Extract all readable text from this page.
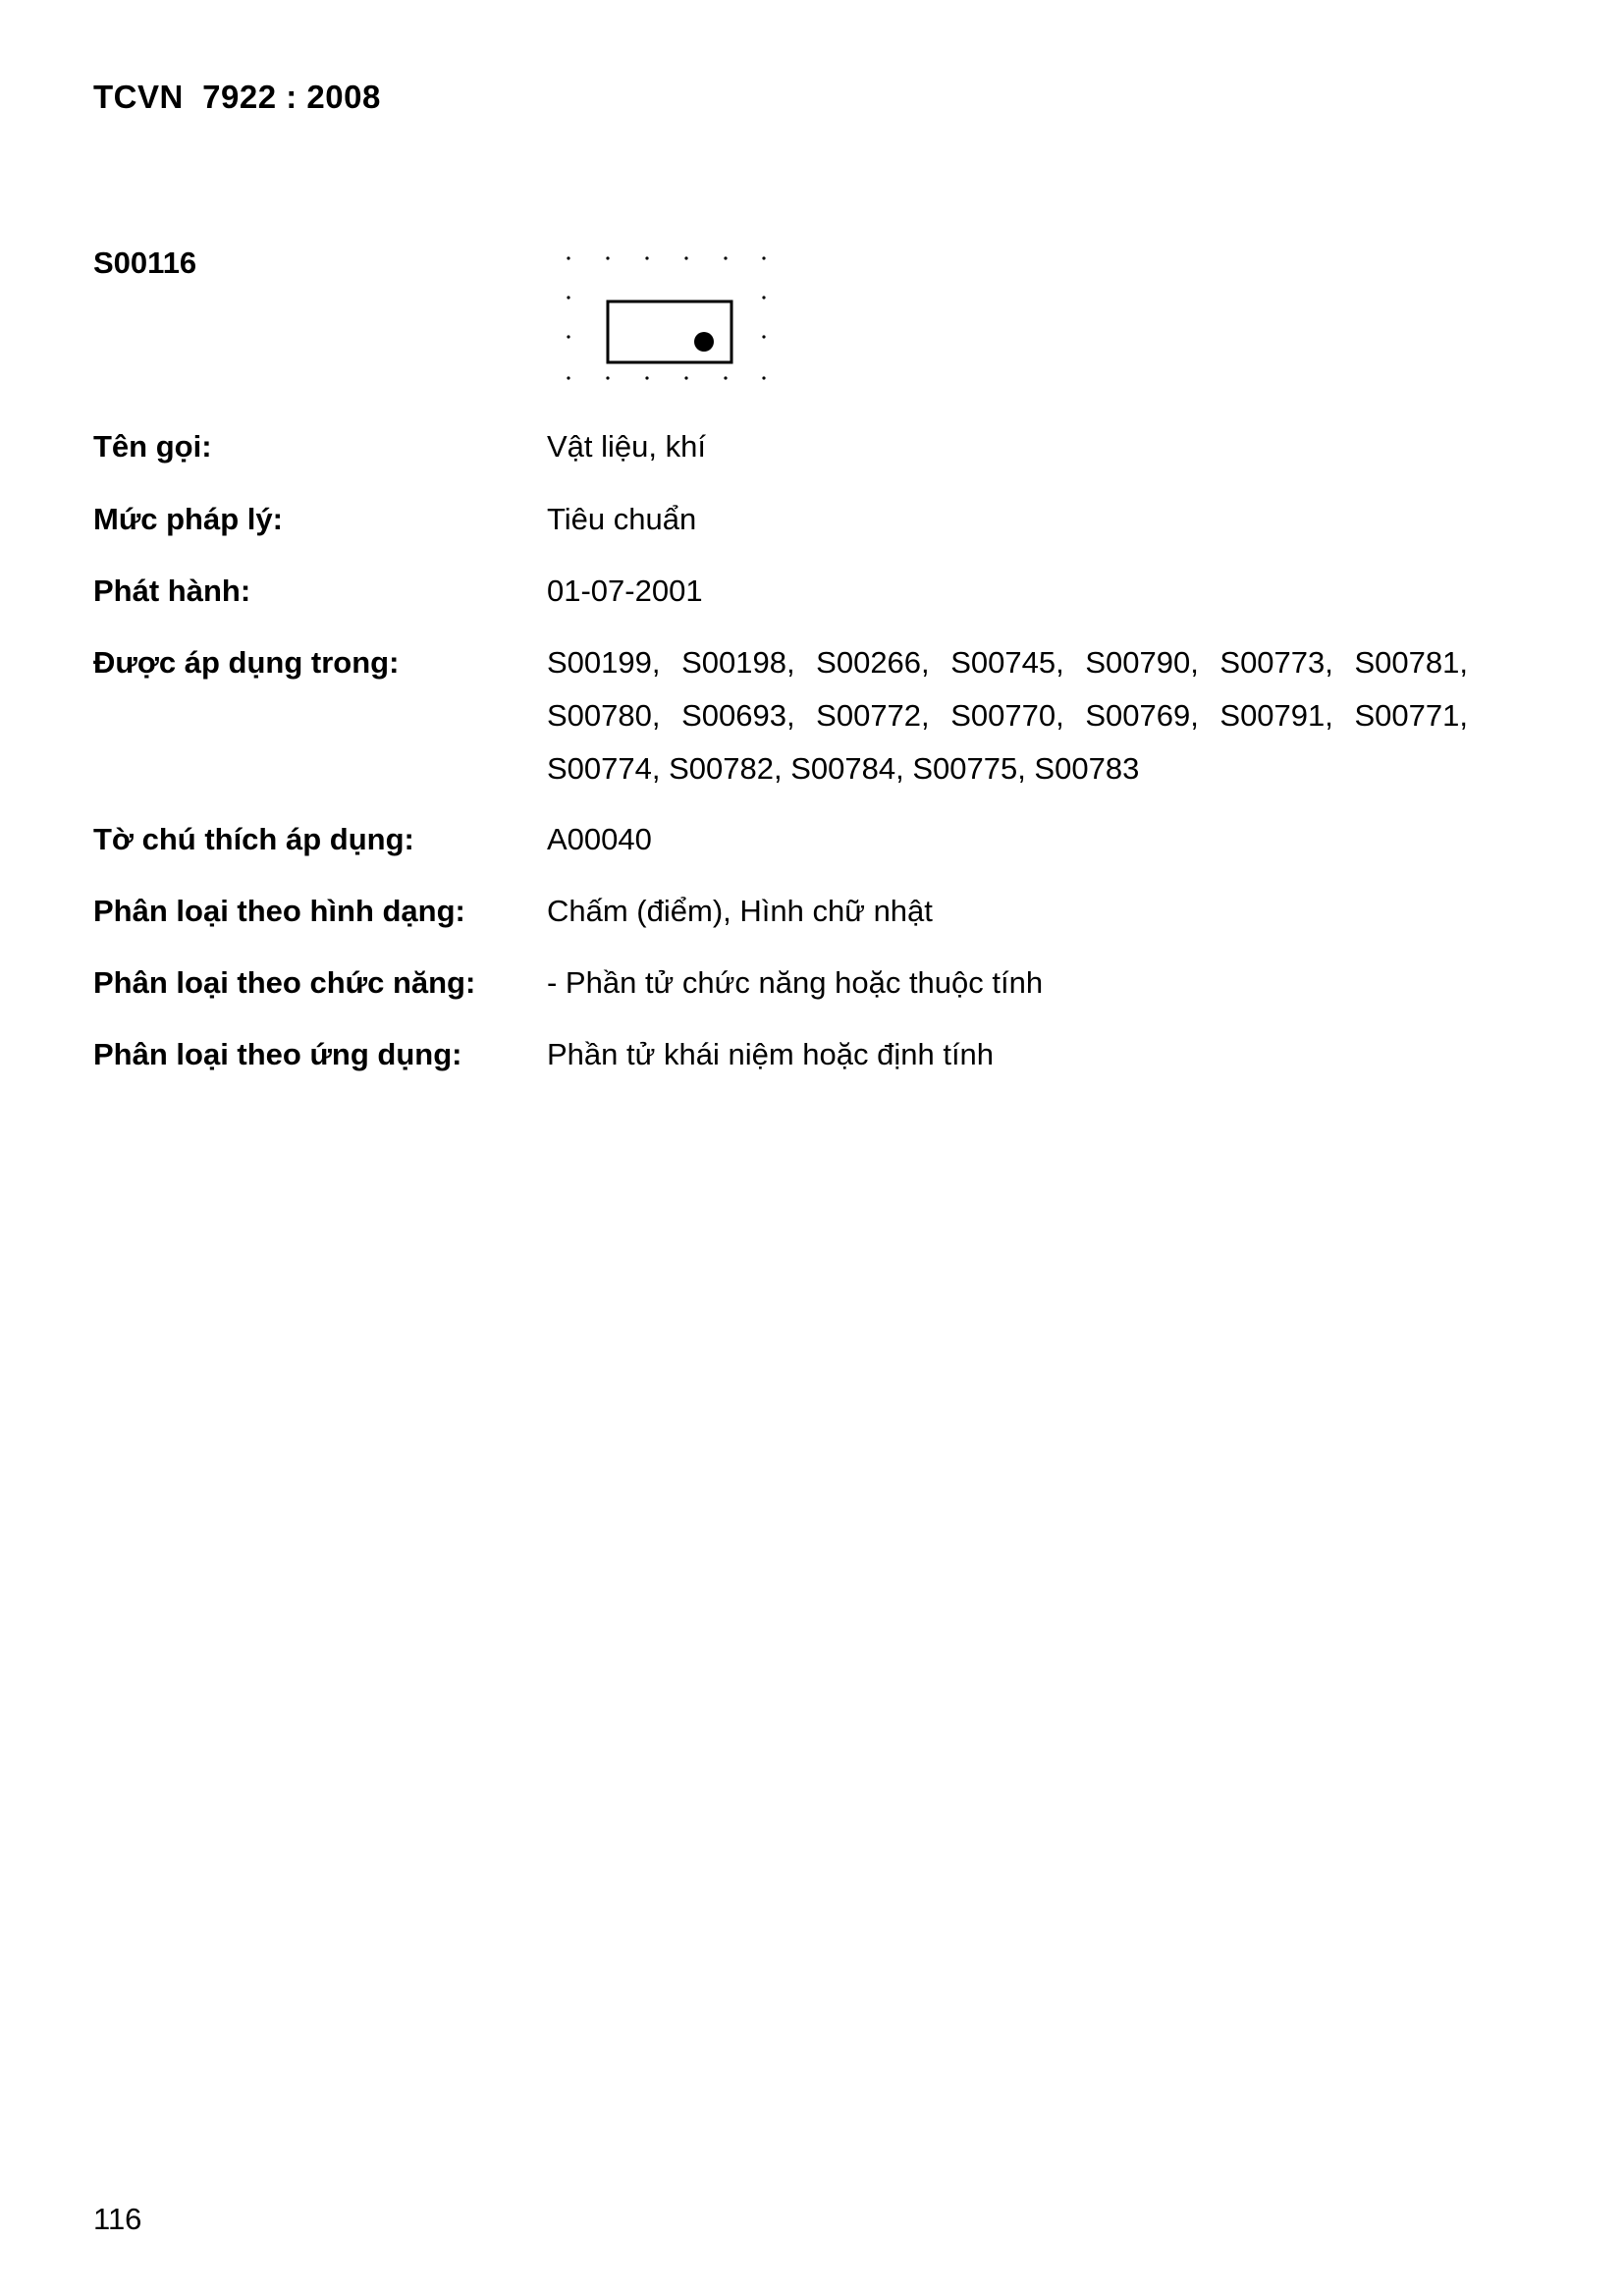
TCVN  7922 : 2008
S00116
Tên gọi:	Vật liệu, khí
Mức pháp lý:	Tiêu chuẩn
Phát hành:	01-07-2001
Được áp dụng trong:	S00199, S00198, S00266, S00745, S00790, S00773, S00781,
S00780, S00693, S00772, S00770, S00769, S00791, S00771,
S00774, S00782, S00784, S00775, S00783
Tờ chú thích áp dụng:	A00040
Phân loại theo hình dạng:	Chấm (điểm), Hình chữ nhật
Phân loại theo chức năng:	- Phần tử chức năng hoặc thuộc tính
Phân loại theo ứng dụng:	Phần tử khái niệm hoặc định tính
116
